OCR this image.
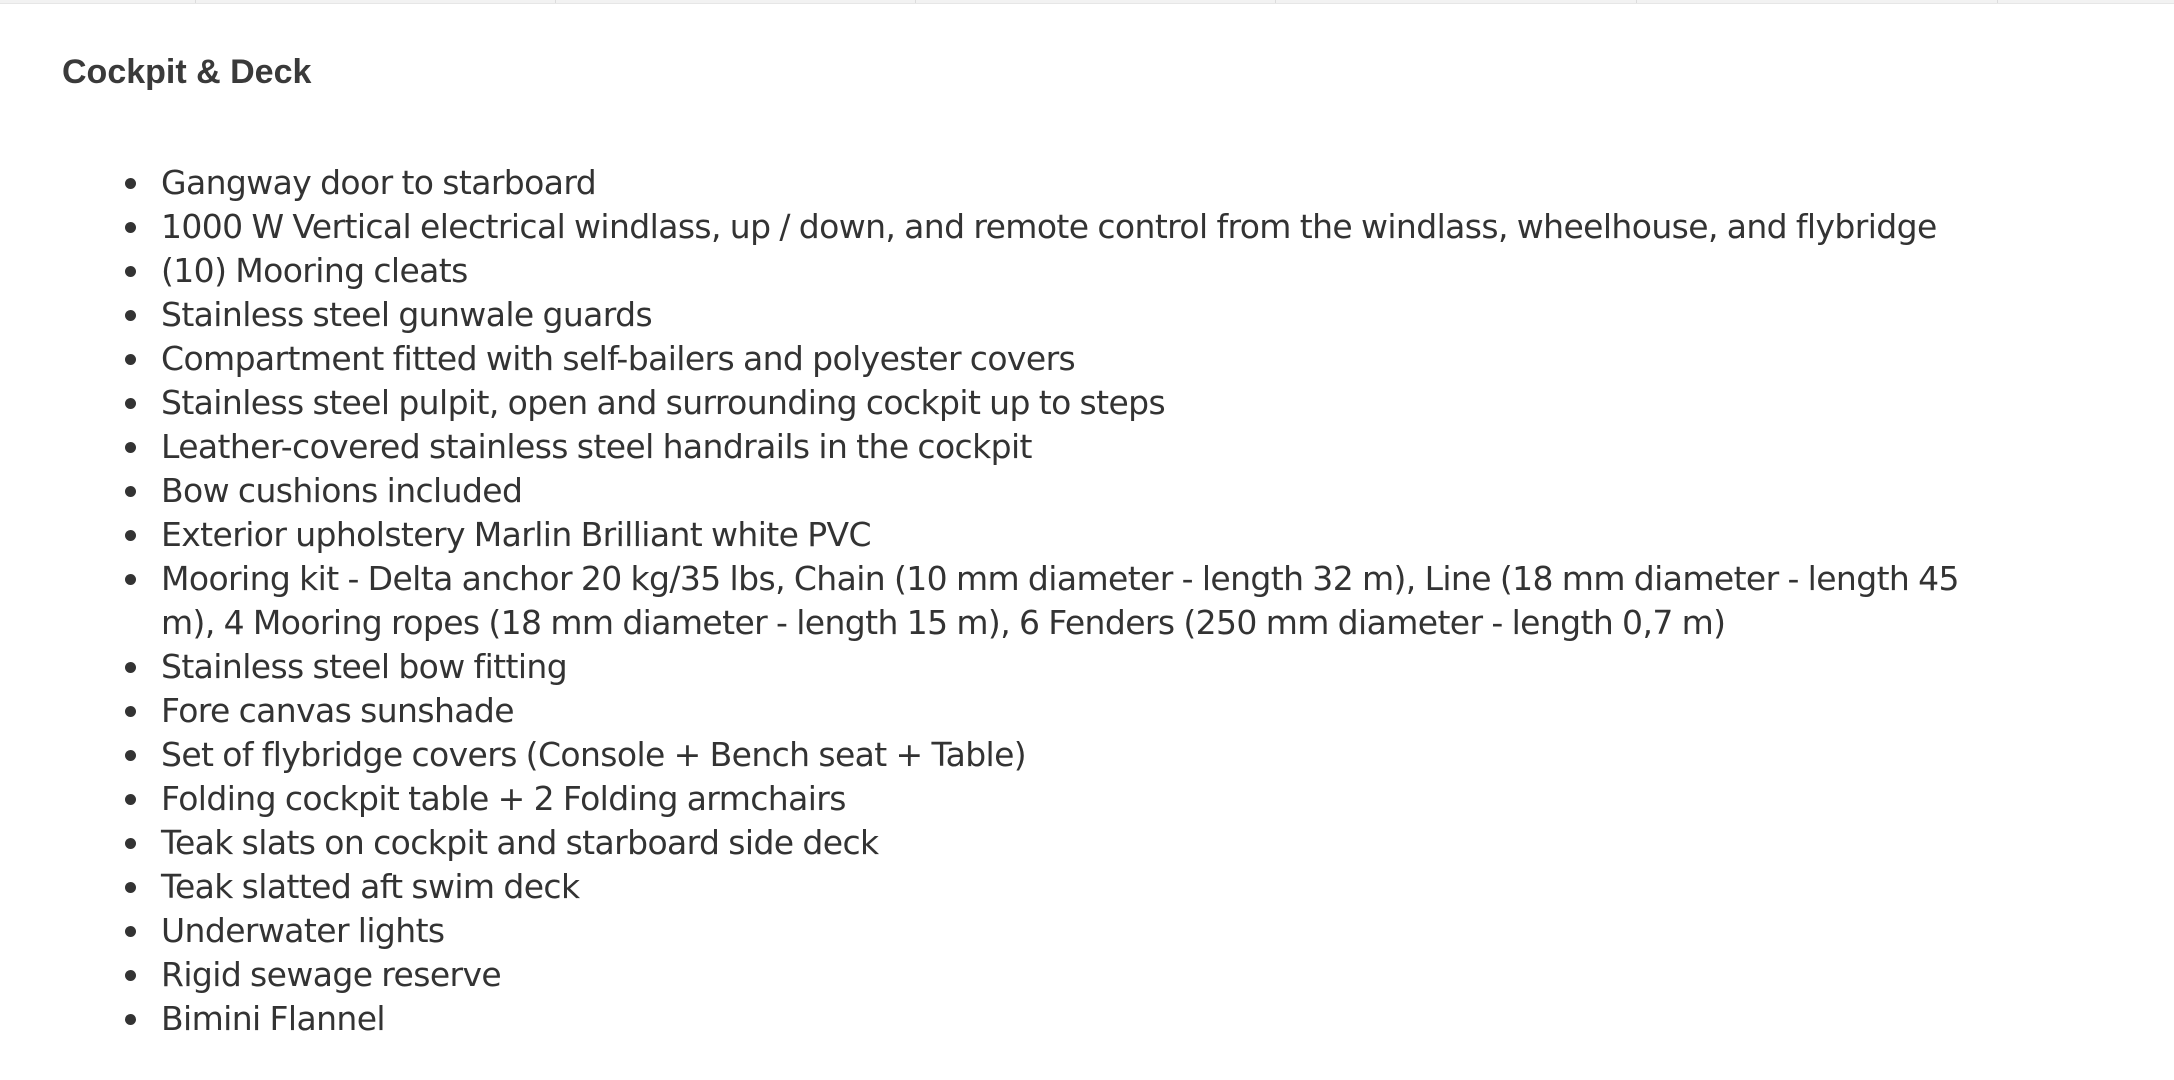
Cockpit & Deck
Gangway door to starboard
1000 W Vertical electrical windlass, up / down, and remote control from the windlass, wheelhouse, and flybridge
(10) Mooring cleats
Stainless steel gunwale guards
Compartment fitted with self-bailers and polyester covers
Stainless steel pulpit, open and surrounding cockpit up to steps
Leather-covered stainless steel handrails in the cockpit
Bow cushions included
Exterior upholstery Marlin Brilliant white PVC
Mooring kit - Delta anchor 20 kg/35 lbs, Chain (10 mm diameter - length 32 m), Line (18 mm diameter - length 45 m), 4 Mooring ropes (18 mm diameter - length 15 m), 6 Fenders (250 mm diameter - length 0,7 m)
Stainless steel bow fitting
Fore canvas sunshade
Set of flybridge covers (Console + Bench seat + Table)
Folding cockpit table + 2 Folding armchairs
Teak slats on cockpit and starboard side deck
Teak slatted aft swim deck
Underwater lights
Rigid sewage reserve
Bimini Flannel
